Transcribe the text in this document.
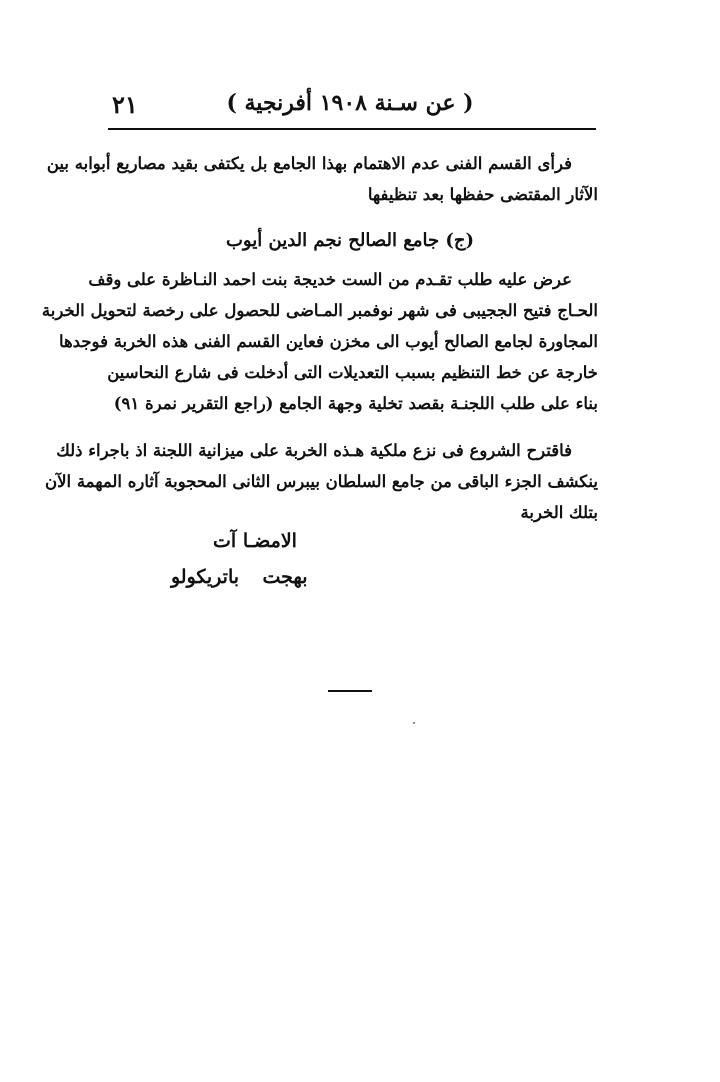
( عن سـنة ١٩٠٨ أفرنجية )
٢١
فرأى القسم الفنى عدم الاهتمام بهذا الجامع بل يكتفى بقيد مصاريع أبوابه بين
الآثار المقتضى حفظها بعد تنظيفها
(ج) جامع الصالح نجم الدين أيوب
عرض عليه طلب تقـدم من الست خديجة بنت احمد النـاظرة على وقف
الحـاج فتيح الججيبى فى شهر نوفمبر المـاضى للحصول على رخصة لتحويل الخربة
المجاورة لجامع الصالح أيوب الى مخزن فعاين القسم الفنى هذه الخربة فوجدها
خارجة عن خط التنظيم بسبب التعديلات التى أدخلت فى شارع النحاسين
بناء على طلب اللجنـة بقصد تخلية وجهة الجامع (راجع التقرير نمرة ٩١)
فاقترح الشروع فى نزع ملكية هـذه الخربة على ميزانية اللجنة اذ باجراء ذلك
ينكشف الجزء الباقى من جامع السلطان بيبرس الثانى المحجوبة آثاره المهمة الآن
بتلك الخربة
الامضـا آت
بهجت
باتريكولو
